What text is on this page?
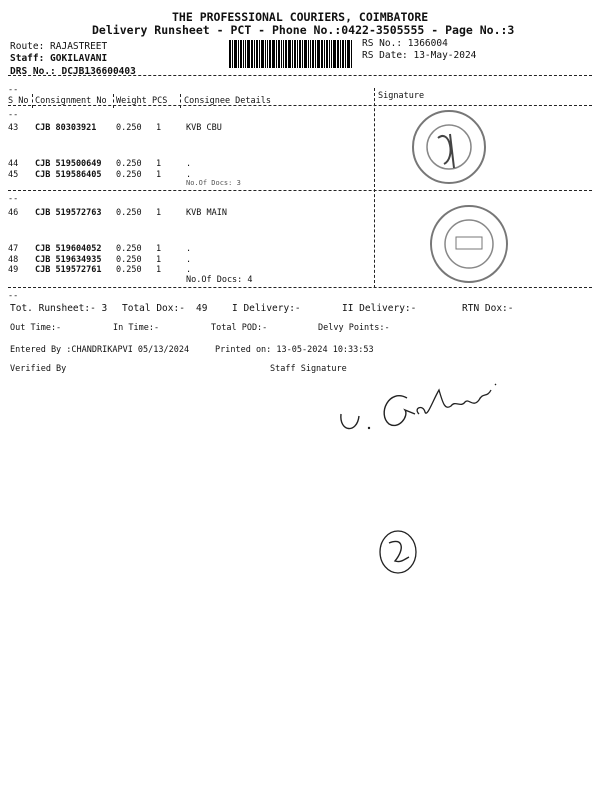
THE PROFESSIONAL COURIERS, COIMBATORE
Delivery Runsheet - PCT - Phone No.:0422-3505555 - Page No.:3
Route: RAJASTREET
Staff: GOKILAVANI
DRS No.: DCJB136600403
RS No.: 1366004
RS Date: 13-May-2024
--
S No Consignment No Weight PCS Consignee Details	Signature
--
43 CJB 80303921 0.250 1	KVB CBU
44 CJB 519500649 0.250 1	.
45 CJB 519586405 0.250 1	.
No.Of Docs: 3
--
46 CJB 519572763 0.250 1	KVB MAIN
47 CJB 519604052 0.250 1	.
48 CJB 519634935 0.250 1	.
49 CJB 519572761 0.250 1	.
No.Of Docs: 4
--
Tot. Runsheet:- 3 Total Dox:- 49	I Delivery:-	II Delivery:-	RTN Dox:-
Out Time:-	In Time:-	Total POD:-	Delvy Points:-
Entered By :CHANDRIKAPVI 05/13/2024	Printed on: 13-05-2024 10:33:53
Verified By	Staff Signature
